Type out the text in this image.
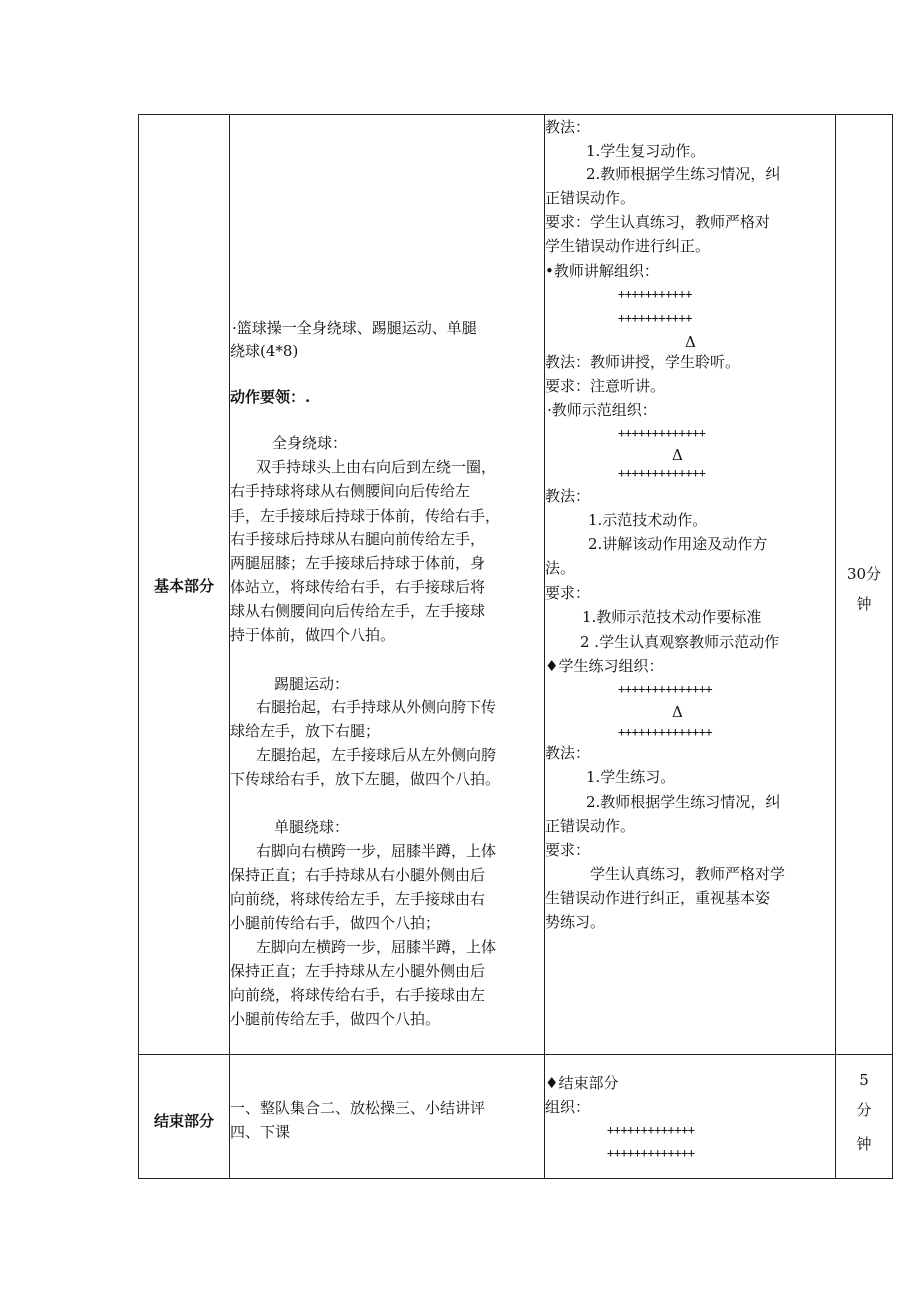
基本部分
·篮球操一全身绕球、踢腿运动、单腿
绕球(4*8)
动作要领：.
全身绕球：
双手持球头上由右向后到左绕一圈，
右手持球将球从右侧腰间向后传给左
手，左手接球后持球于体前，传给右手，
右手接球后持球从右腿向前传给左手，
两腿屈膝；左手接球后持球于体前，身
体站立，将球传给右手，右手接球后将
球从右侧腰间向后传给左手，左手接球
持于体前，做四个八拍。
踢腿运动：
右腿抬起，右手持球从外侧向胯下传
球给左手，放下右腿；
左腿抬起，左手接球后从左外侧向胯
下传球给右手，放下左腿，做四个八拍。
单腿绕球：
右脚向右横跨一步，屈膝半蹲，上体
保持正直；右手持球从右小腿外侧由后
向前绕，将球传给左手，左手接球由右
小腿前传给右手，做四个八拍；
左脚向左横跨一步，屈膝半蹲，上体
保持正直；左手持球从左小腿外侧由后
向前绕，将球传给右手，右手接球由左
小腿前传给左手，做四个八拍。
教法：
1.学生复习动作。
2.教师根据学生练习情况，纠
正错误动作。
要求：学生认真练习，教师严格对
学生错误动作进行纠正。
•教师讲解组织：
+++++++++++
+++++++++++
Δ
教法：教师讲授，学生聆听。
要求：注意听讲。
·教师示范组织：
+++++++++++++
Δ
+++++++++++++
教法：
1.示范技术动作。
2.讲解该动作用途及动作方
法。
要求：
1.教师示范技术动作要标准
2 .学生认真观察教师示范动作
♦学生练习组织：
++++++++++++++
Δ
++++++++++++++
教法：
1.学生练习。
2.教师根据学生练习情况，纠
正错误动作。
要求：
学生认真练习，教师严格对学
生错误动作进行纠正，重视基本姿
势练习。
30分
钟
结束部分
一、整队集合二、放松操三、小结讲评
四、下课
♦结束部分
组织：
+++++++++++++
+++++++++++++
5
分
钟
